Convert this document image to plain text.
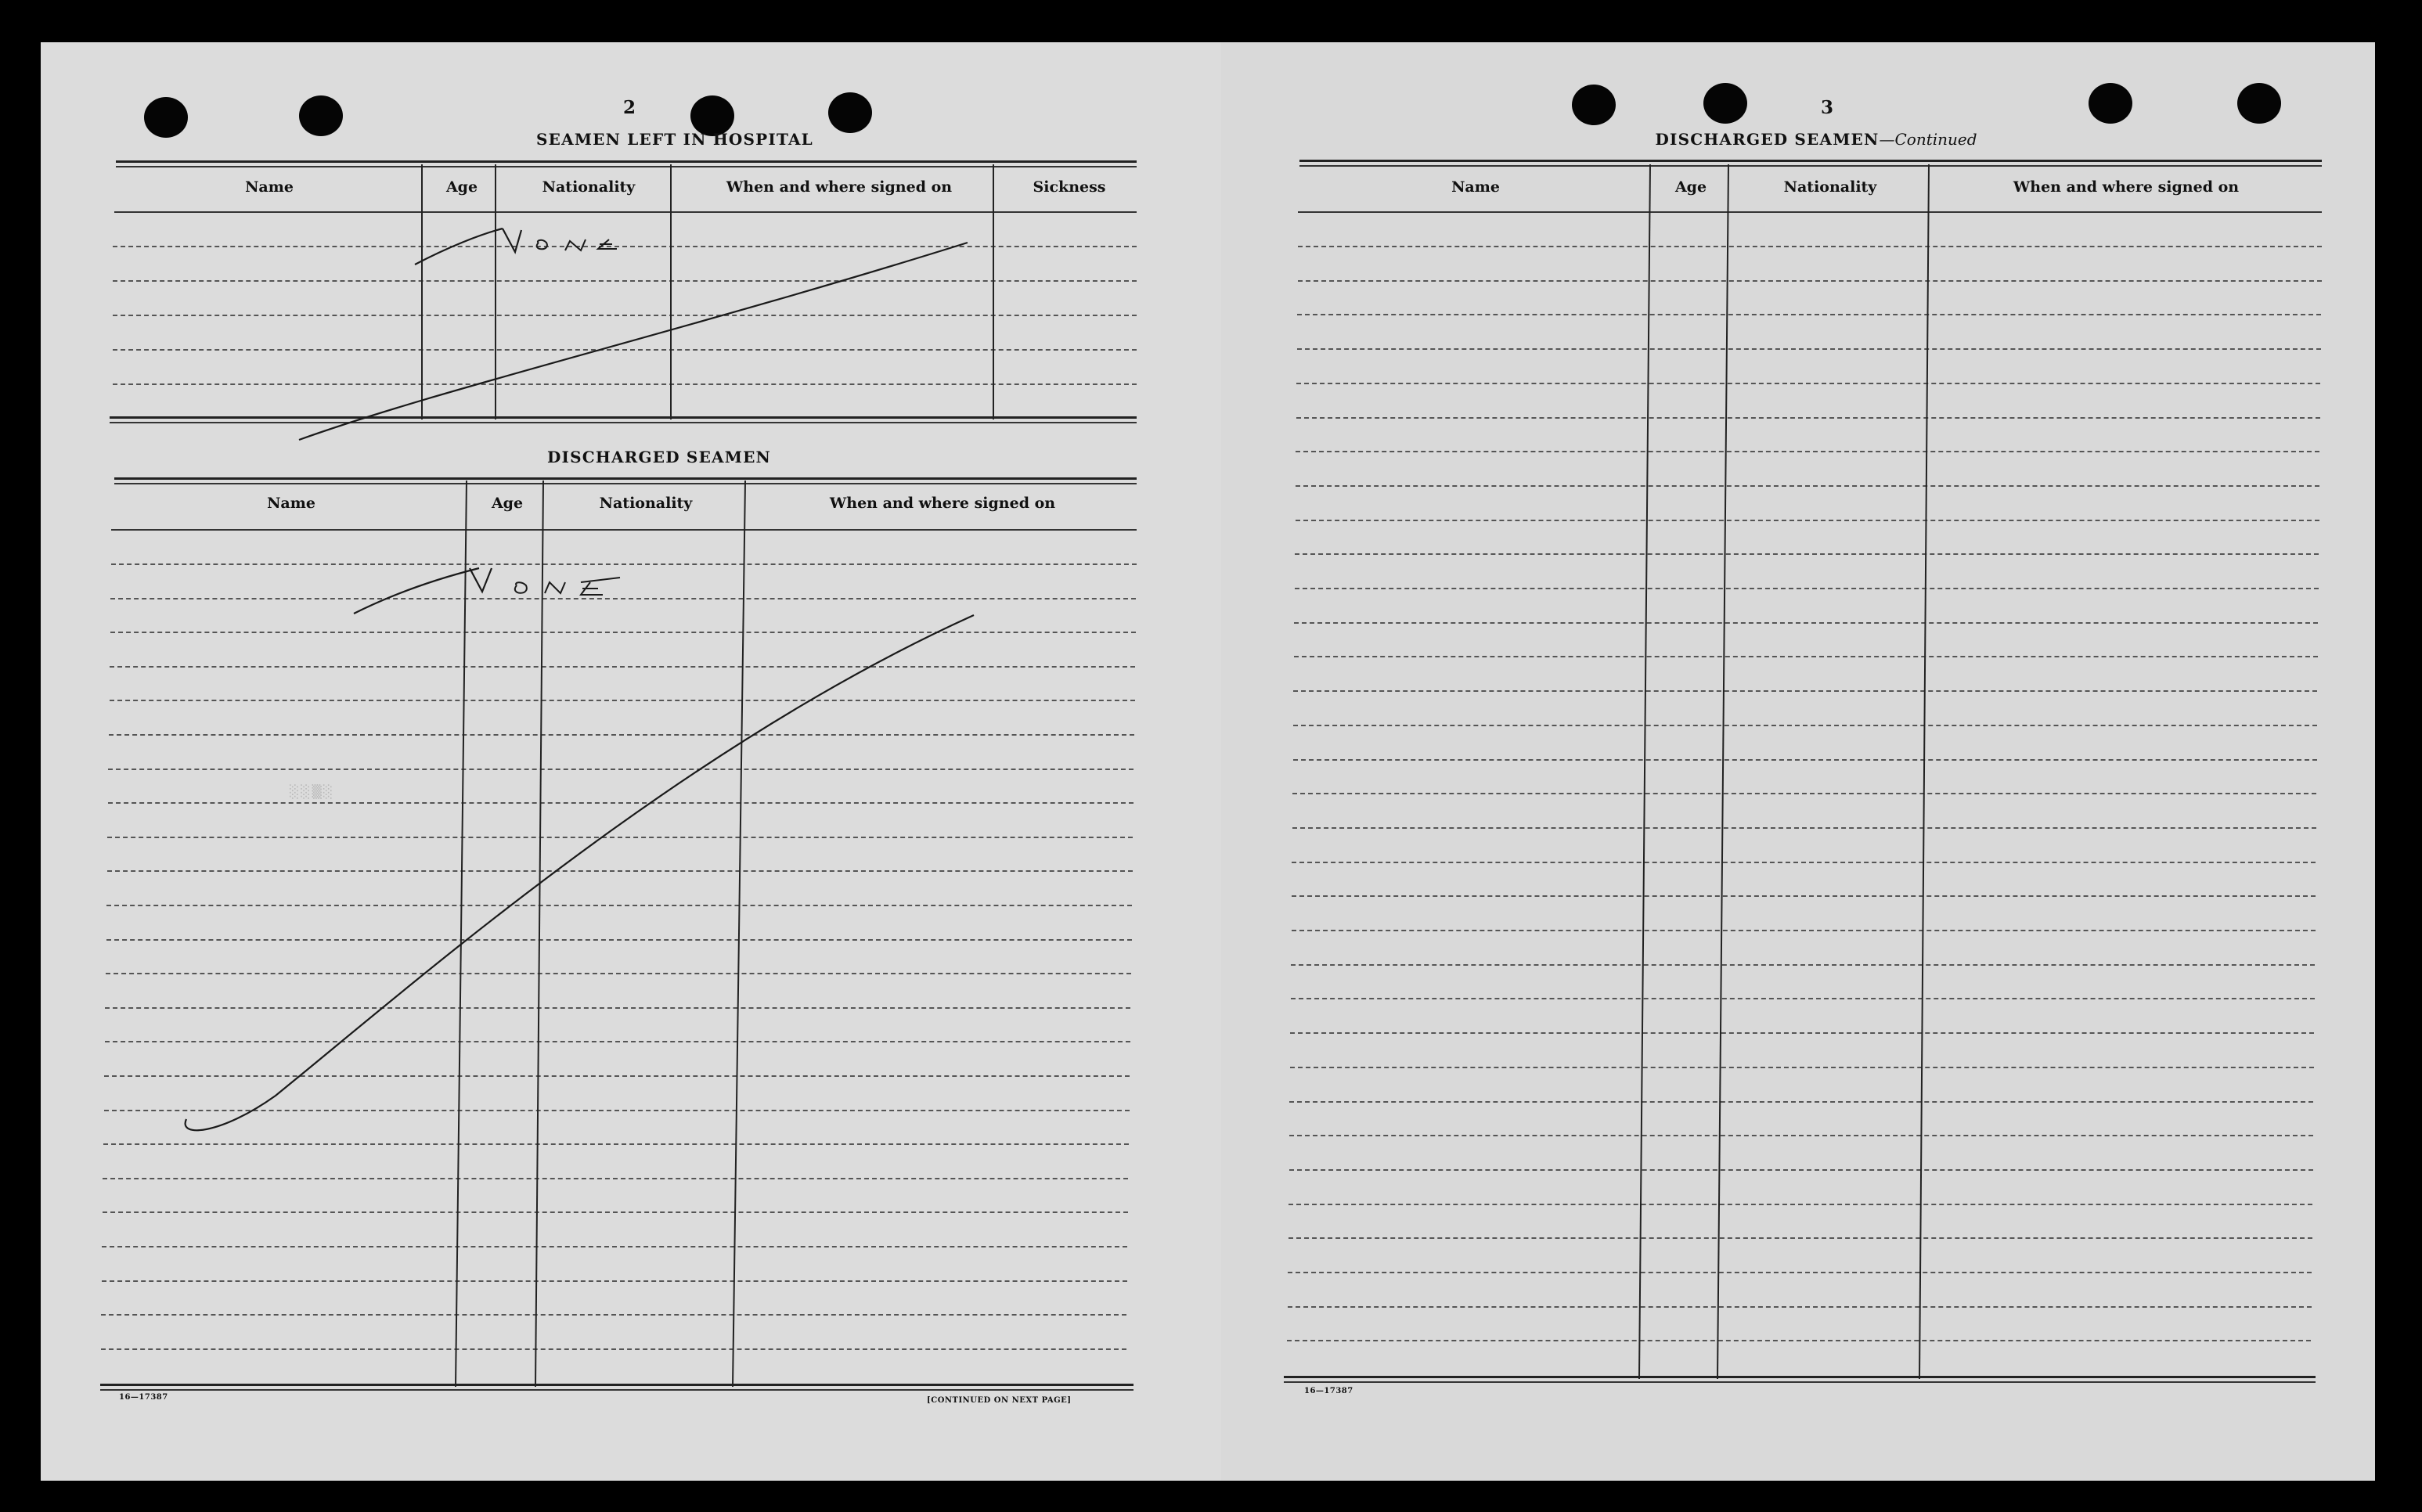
2
SEAMEN LEFT IN HOSPITAL
Name	Age	Nationality	When and where signed on	Sickness
DISCHARGED SEAMEN
Name	Age	Nationality	When and where signed on
░░▒░
16—17387	[CONTINUED ON NEXT PAGE]
3
DISCHARGED SEAMEN—Continued
Name	Age	Nationality	When and where signed on
16—17387
